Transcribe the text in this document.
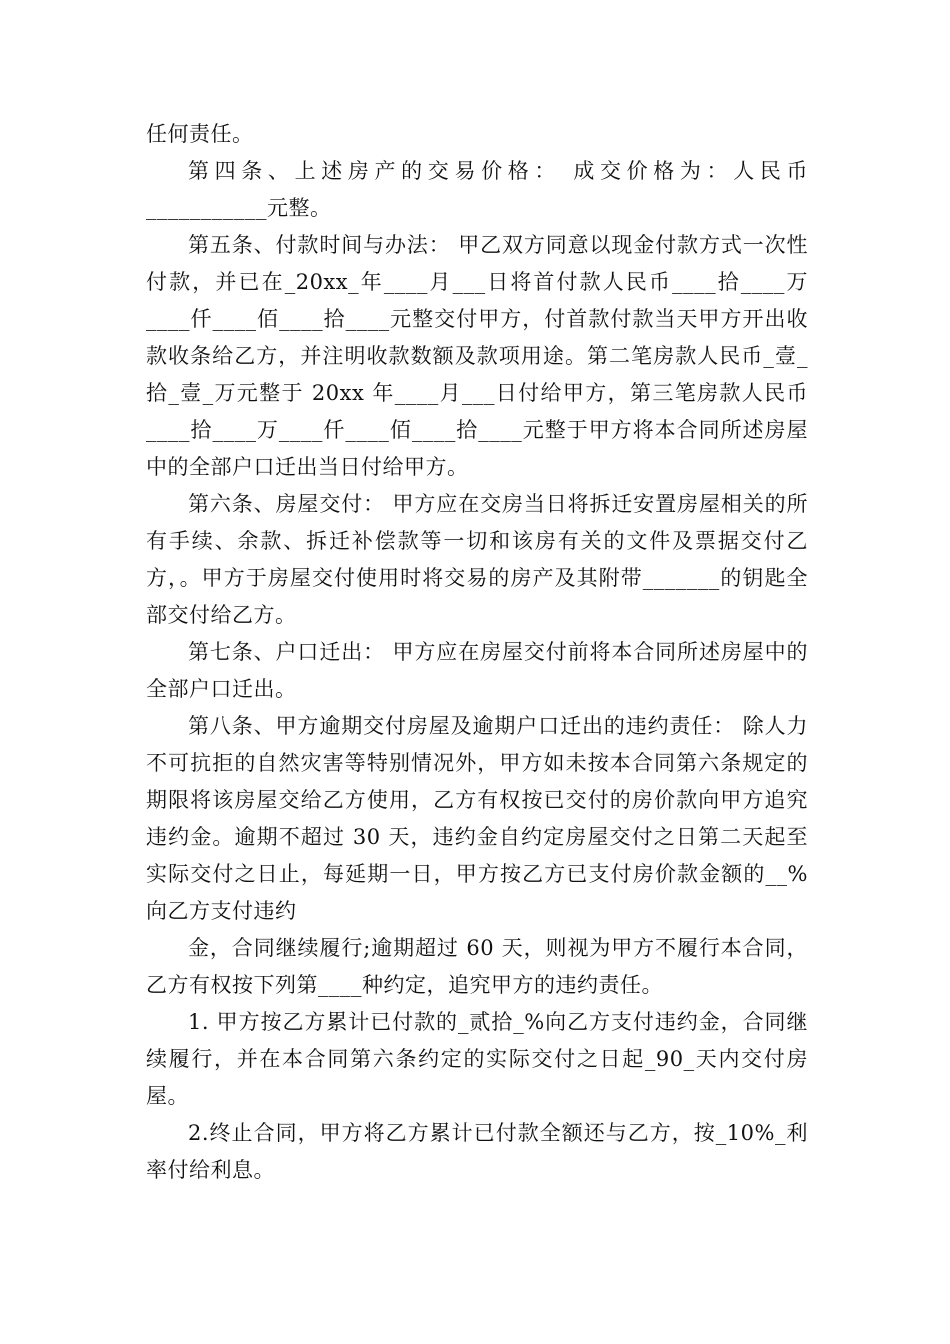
任何责任。

第四条、上述房产的交易价格： 成交价格为：人民币___________元整。

第五条、付款时间与办法： 甲乙双方同意以现金付款方式一次性付款，并已在_20xx_年____月___日将首付款人民币____拾____万____仟____佰____拾____元整交付甲方，付首款付款当天甲方开出收款收条给乙方，并注明收款数额及款项用途。第二笔房款人民币_壹_拾_壹_万元整于 20xx 年____月___日付给甲方，第三笔房款人民币____拾____万____仟____佰____拾____元整于甲方将本合同所述房屋中的全部户口迁出当日付给甲方。

第六条、房屋交付： 甲方应在交房当日将拆迁安置房屋相关的所有手续、余款、拆迁补偿款等一切和该房有关的文件及票据交付乙方，。甲方于房屋交付使用时将交易的房产及其附带_______的钥匙全部交付给乙方。

第七条、户口迁出： 甲方应在房屋交付前将本合同所述房屋中的全部户口迁出。

第八条、甲方逾期交付房屋及逾期户口迁出的违约责任： 除人力不可抗拒的自然灾害等特别情况外，甲方如未按本合同第六条规定的期限将该房屋交给乙方使用，乙方有权按已交付的房价款向甲方追究违约金。逾期不超过 30 天，违约金自约定房屋交付之日第二天起至实际交付之日止，每延期一日，甲方按乙方已支付房价款金额的__%向乙方支付违约

金，合同继续履行;逾期超过 60 天，则视为甲方不履行本合同，乙方有权按下列第____种约定，追究甲方的违约责任。

1. 甲方按乙方累计已付款的_贰拾_%向乙方支付违约金，合同继续履行，并在本合同第六条约定的实际交付之日起_90_天内交付房屋。

2.终止合同，甲方将乙方累计已付款全额还与乙方，按_10%_利率付给利息。
